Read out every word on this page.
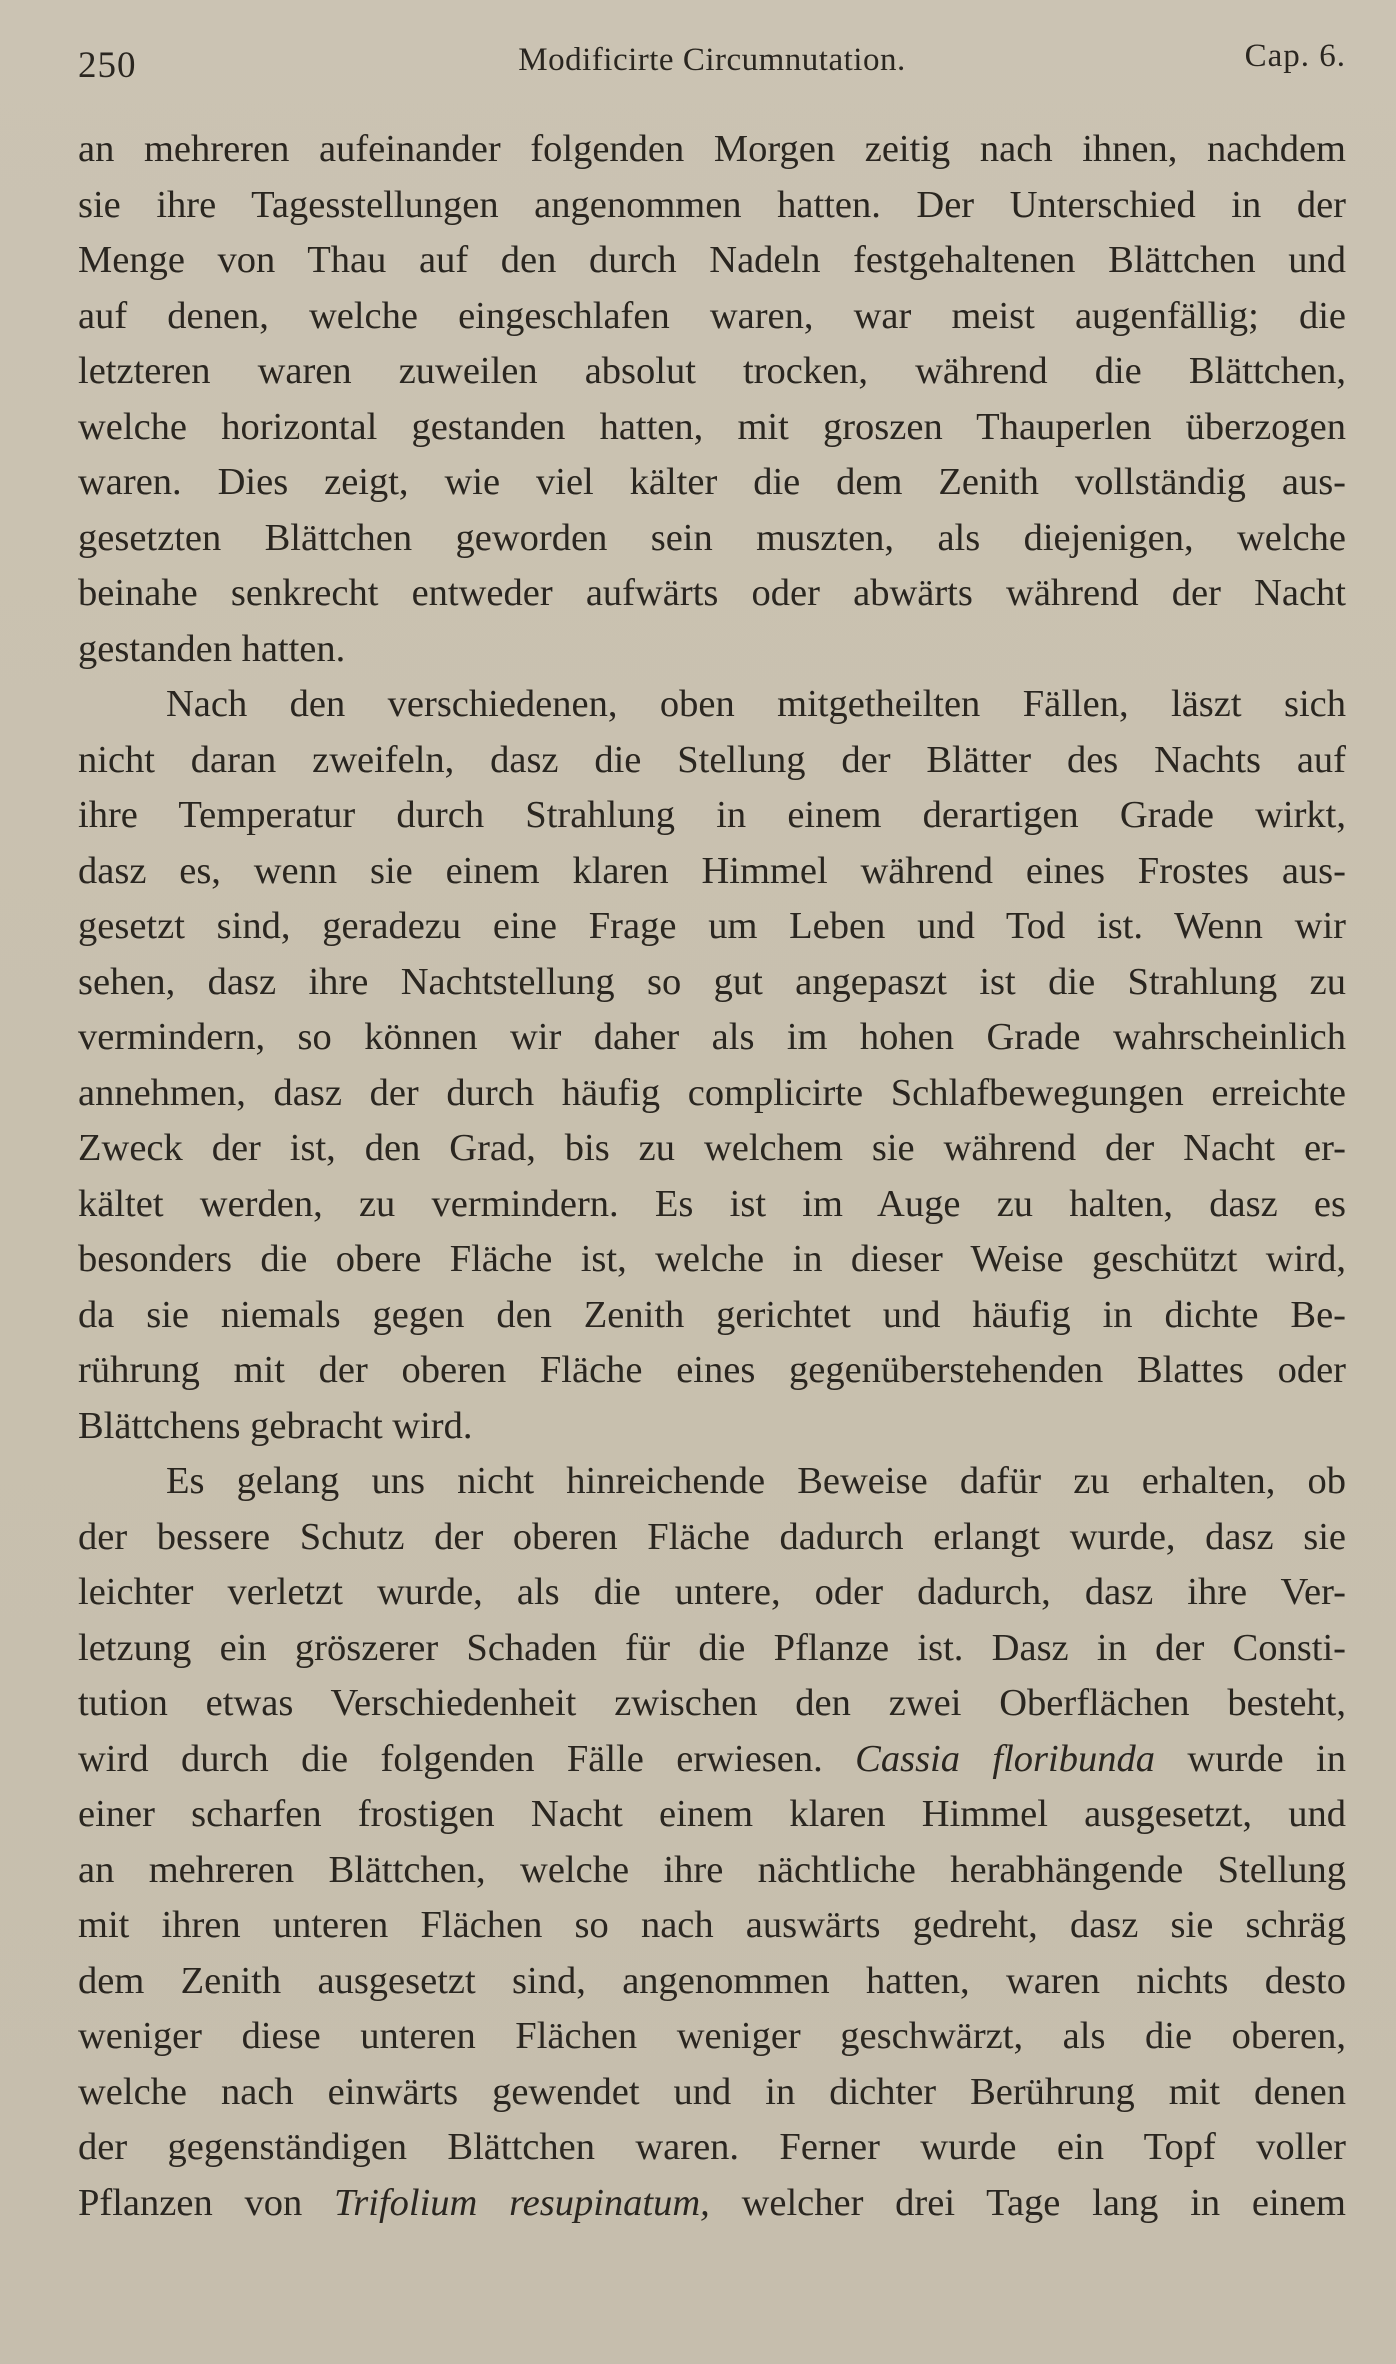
250	Modificirte Circumnutation.	Cap. 6.
an mehreren aufeinander folgenden Morgen zeitig nach ihnen, nachdem
sie ihre Tagesstellungen angenommen hatten. Der Unterschied in der
Menge von Thau auf den durch Nadeln festgehaltenen Blättchen und
auf denen, welche eingeschlafen waren, war meist augenfällig; die
letzteren waren zuweilen absolut trocken, während die Blättchen,
welche horizontal gestanden hatten, mit groszen Thauperlen überzogen
waren. Dies zeigt, wie viel kälter die dem Zenith vollständig aus-
gesetzten Blättchen geworden sein muszten, als diejenigen, welche
beinahe senkrecht entweder aufwärts oder abwärts während der Nacht
gestanden hatten.
Nach den verschiedenen, oben mitgetheilten Fällen, läszt sich
nicht daran zweifeln, dasz die Stellung der Blätter des Nachts auf
ihre Temperatur durch Strahlung in einem derartigen Grade wirkt,
dasz es, wenn sie einem klaren Himmel während eines Frostes aus-
gesetzt sind, geradezu eine Frage um Leben und Tod ist. Wenn wir
sehen, dasz ihre Nachtstellung so gut angepaszt ist die Strahlung zu
vermindern, so können wir daher als im hohen Grade wahrscheinlich
annehmen, dasz der durch häufig complicirte Schlafbewegungen erreichte
Zweck der ist, den Grad, bis zu welchem sie während der Nacht er-
kältet werden, zu vermindern. Es ist im Auge zu halten, dasz es
besonders die obere Fläche ist, welche in dieser Weise geschützt wird,
da sie niemals gegen den Zenith gerichtet und häufig in dichte Be-
rührung mit der oberen Fläche eines gegenüberstehenden Blattes oder
Blättchens gebracht wird.
Es gelang uns nicht hinreichende Beweise dafür zu erhalten, ob
der bessere Schutz der oberen Fläche dadurch erlangt wurde, dasz sie
leichter verletzt wurde, als die untere, oder dadurch, dasz ihre Ver-
letzung ein gröszerer Schaden für die Pflanze ist. Dasz in der Consti-
tution etwas Verschiedenheit zwischen den zwei Oberflächen besteht,
wird durch die folgenden Fälle erwiesen. Cassia floribunda wurde in
einer scharfen frostigen Nacht einem klaren Himmel ausgesetzt, und
an mehreren Blättchen, welche ihre nächtliche herabhängende Stellung
mit ihren unteren Flächen so nach auswärts gedreht, dasz sie schräg
dem Zenith ausgesetzt sind, angenommen hatten, waren nichts desto
weniger diese unteren Flächen weniger geschwärzt, als die oberen,
welche nach einwärts gewendet und in dichter Berührung mit denen
der gegenständigen Blättchen waren. Ferner wurde ein Topf voller
Pflanzen von Trifolium resupinatum, welcher drei Tage lang in einem
